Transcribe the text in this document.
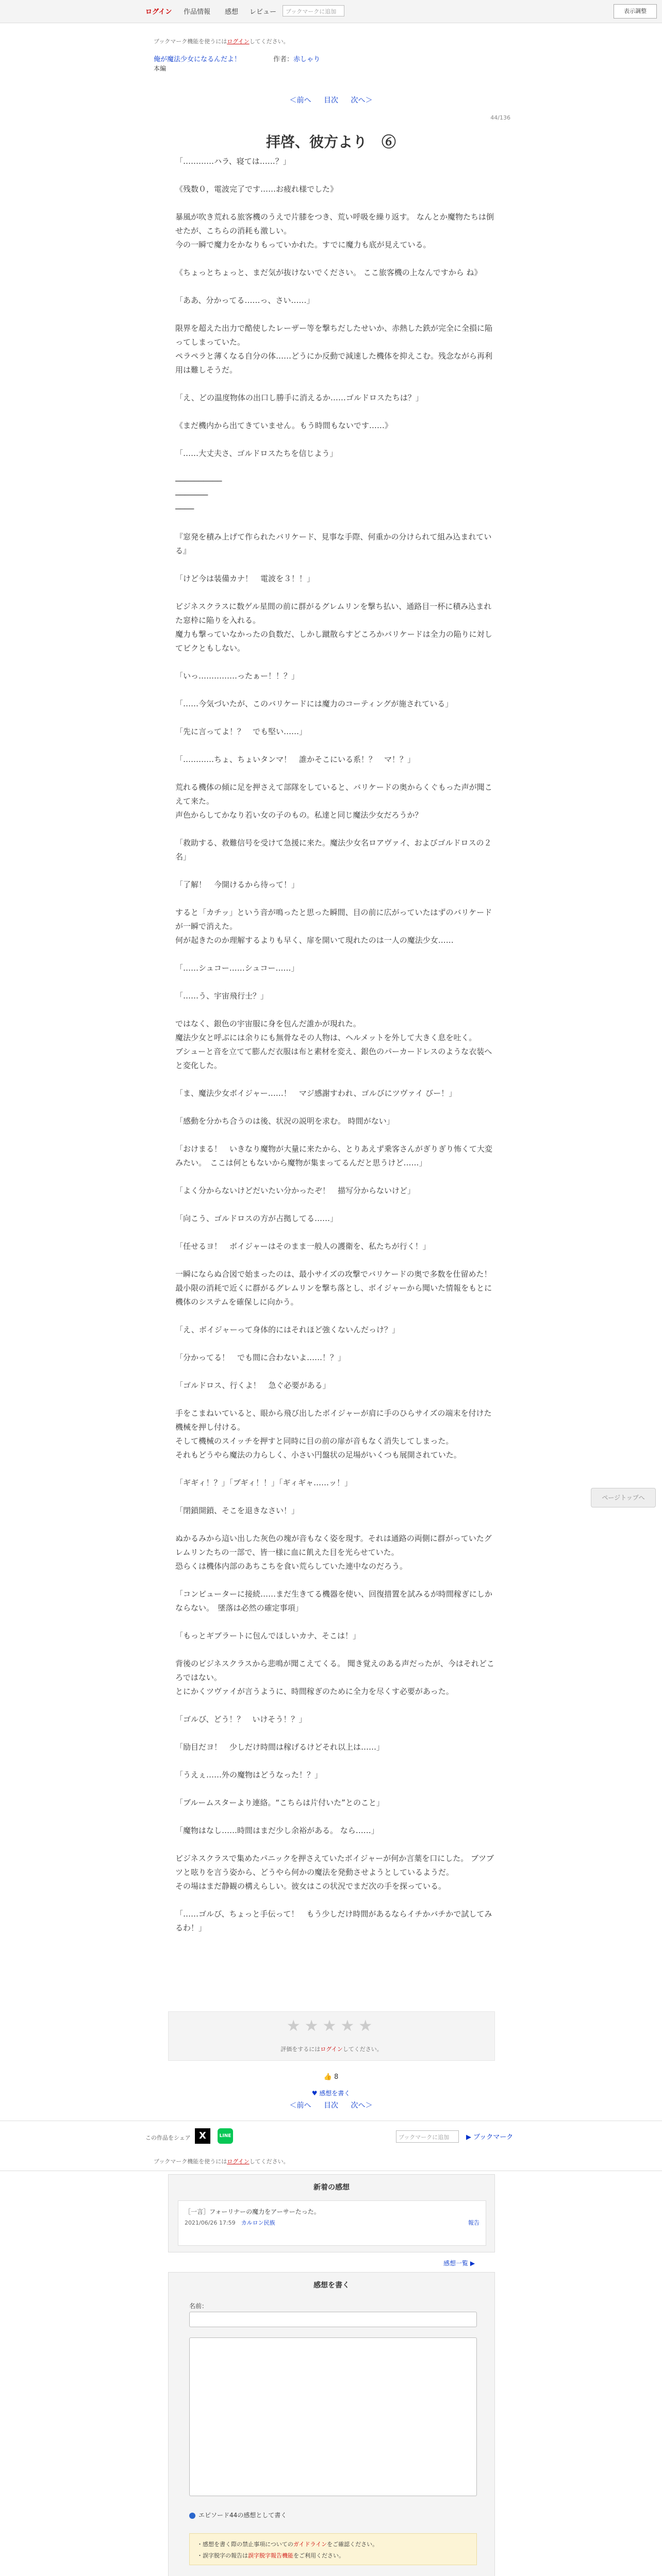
ログイン 作品情報 感想 レビュー	ブックマークに追加	表示調整
ブックマーク機能を使うにはログインしてください。
俺が魔法少女になるんだよ！	作者：赤しゃり
本編
＜前へ 目次 次へ＞
44/136
拝啓、彼方より　⑥

「…………ハラ、寝ては……？」

《残数０，電波完了です……お疲れ様でした》

暴風が吹き荒れる旅客機のうえで片膝をつき、荒い呼吸を繰り返す。 なんとか魔物たちは倒せたが、こちらの消耗も激しい。
今の一瞬で魔力をかなりもっていかれた。すでに魔力も底が見えている。

《ちょっとちょっと、まだ気が抜けないでください。 ここ旅客機の上なんですから ね》

「ああ、分かってる……っ、さい……」

限界を超えた出力で酷使したレーザー等を撃ちだしたせいか、赤熱した鉄が完全に全損に陥ってしまっていた。
ペラペラと薄くなる自分の体……どうにか反動で減速した機体を抑えこむ。残念ながら再利用は難しそうだ。

「え、どの温度物体の出口し勝手に消えるか……ゴルドロスたちは？」

《まだ機内から出てきていません。もう時間もないです……》

「……大丈夫さ、ゴルドロスたちを信じよう」

──────────
───────
────

『窓発を積み上げて作られたバリケード、見事な手際、何重かの分けられて組み込まれている』

「けど今は装備カナ！　電波を３！！」

ビジネスクラスに数ゲル星間の前に群がるグレムリンを撃ち払い、通路目一杯に積み込まれた窓枠に陥りを入れる。
魔力も撃っていなかったの負数だ、しかし蹴散らすどころかバリケードは全力の陥りに対してビクともしない。

「いっ……………ったぁー！！？」

「……今気づいたが、このバリケードには魔力のコーティングが施されている」

「先に言ってよ！？　でも堅い……」

「…………ちょ、ちょいタンマ！　誰かそこにいる系！？　マ！？」

荒れる機体の傾に足を押さえて部隊をしていると、バリケードの奥からくぐもった声が聞こえて来た。
声色からしてかなり若い女の子のもの。私達と同じ魔法少女だろうか？

「救助する、救難信号を受けて急援に来た。魔法少女名ロアヴァイ、およびゴルドロスの２名」

「了解！　今開けるから待って！」

すると「カチッ」という音が鳴ったと思った瞬間、目の前に広がっていたはずのバリケードが一瞬で消えた。
何が起きたのか理解するよりも早く、扉を開いて現れたのは一人の魔法少女……

「……シュコー……シュコー……」

「……う、宇宙飛行士？」

ではなく、銀色の宇宙服に身を包んだ誰かが現れた。
魔法少女と呼ぶには余りにも無骨なその人物は、ヘルメットを外して大きく息を吐く。
ブシューと音を立てて膨んだ衣服は布と素材を変え、銀色のパーカードレスのような衣装へと変化した。

「ま、魔法少女ボイジャー……！　マジ感謝すわれ、ゴルびにツヴァイ びー！」

「感動を分かち合うのは後、状況の説明を求む。 時間がない」

「おけまる！　いきなり魔物が大量に来たから、とりあえず乗客さんがぎりぎり怖くて大変みたい。　ここは何ともないから魔物が集まってるんだと思うけど……」

「よく分からないけどだいたい分かったぞ！　描写分からないけど」

「向こう、ゴルドロスの方が占拠してる……」

「任せるヨ！　ボイジャーはそのまま一般人の護衛を、私たちが行く！」

一瞬にならぬ合図で始まったのは、最小サイズの攻撃でバリケードの奥で多数を仕留めた！
最小限の消耗で近くに群がるグレムリンを撃ち落とし、ボイジャーから聞いた情報をもとに機体のシステムを確保しに向かう。

「え、ボイジャーって身体的にはそれほど強くないんだっけ？」

「分かってる！　でも間に合わないよ……！？」

「ゴルドロス、行くよ！　急ぐ必要がある」

手をこまねいていると、眼から飛び出したボイジャーが肩に手のひらサイズの端末を付けた機械を押し付ける。
そして機械のスイッチを押すと同時に目の前の扉が音もなく消失してしまった。
それもどうやら魔法の力らしく、小さい円盤状の足場がいくつも展開されていた。

「ギギィ！？」「ブギィ！！」「ギィギャ……ッ！」

「閉鎖開鎖、そこを退きなさい！」

ぬかるみから這い出した灰色の塊が音もなく姿を現す。それは通路の両側に群がっていたグレムリンたちの一部で、皆一様に血に飢えた目を光らせていた。
恐らくは機体内部のあちこちを食い荒らしていた連中なのだろう。

「コンピューターに接続……まだ生きてる機器を使い、回復措置を試みるが時間稼ぎにしかならない。　墜落は必然の確定事項」

「もっとギブラートに包んでほしいカナ、そこは！」

背後のビジネスクラスから悲鳴が聞こえてくる。 聞き覚えのある声だったが、今はそれどころではない。
とにかくツヴァイが言うように、時間稼ぎのために全力を尽くす必要があった。

「ゴルび、どう！？　いけそう！？」

「励目だヨ！　少しだけ時間は稼げるけどそれ以上は……」

「うえぇ……外の魔物はどうなった！？」

「ブルームスターより連絡。“こちらは片付いた”とのこと」

「魔物はなし……時間はまだ少し余裕がある。 なら……」

ビジネスクラスで集めたパニックを押さえていたボイジャーが何か言葉を口にした。 ブツブツと呟りを言う姿から、どうやら何かの魔法を発動させようとしているようだ。
その場はまだ静観の構えらしい。彼女はこの状況でまだ次の手を探っている。

「……ゴルび、ちょっと手伝って！　もう少しだけ時間があるならイチかバチかで試してみるわ！」

ページトップへ
★★★★★
評価をするにはログインしてください。
👍 8
♥ 感想を書く
＜前へ 目次 次へ＞
この作品をシェア X	LINE	ブックマークに追加	▶ ブックマーク
ブックマーク機能を使うにはログインしてください。
新着の感想
［一言］フォーリナーの魔力をアーサーたった。
2021/06/26 17:59　 カルロン民族	報告
感想一覧 ▶
感想を書く
名前：
エピソード44の感想として書く
・感想を書く際の禁止事項についてのガイドラインをご確認ください。
・誤字脱字の報告は誤字脱字報告機能をご利用ください。
